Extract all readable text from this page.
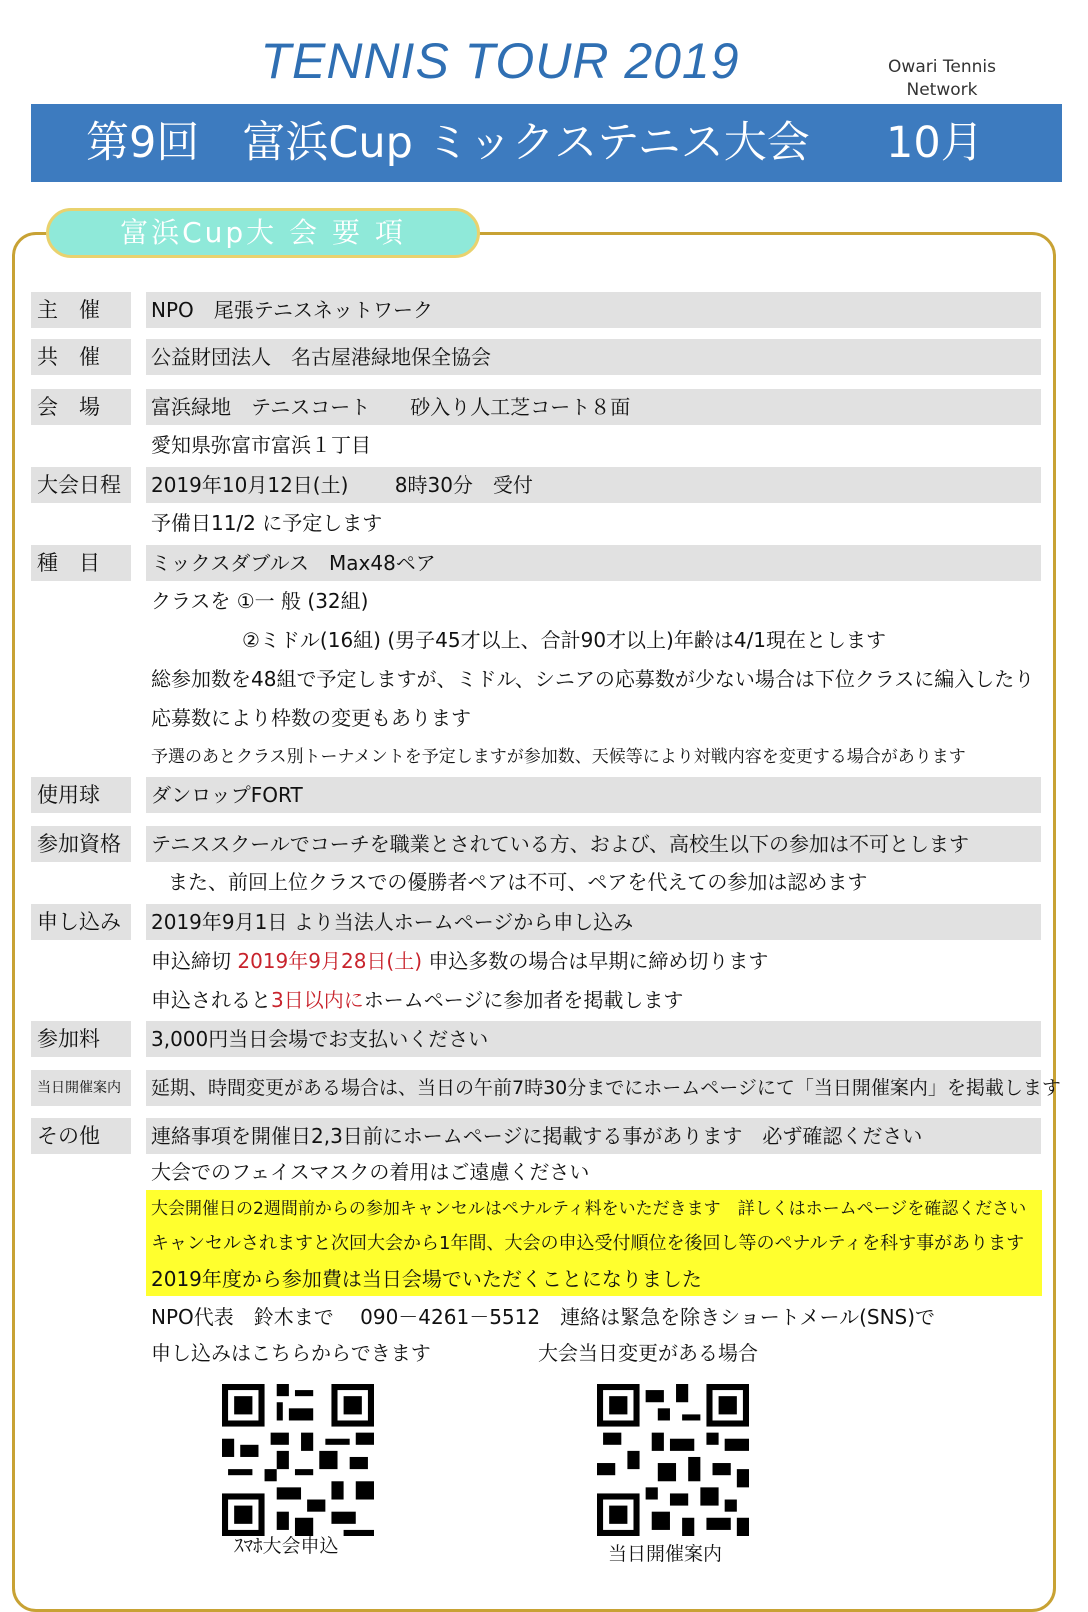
TENNIS TOUR 2019	Owari Tennis
Network
第9回　富浜Cup ミックステニス大会 10月
富浜Cup大 会 要 項
主　催	NPO　尾張テニスネットワーク
共　催	公益財団法人　名古屋港緑地保全協会
会　場	富浜緑地　テニスコート　　砂入り人工芝コート８面
愛知県弥富市富浜１丁目
大会日程	2019年10月12日(土)　　 8時30分　受付
予備日11/2 に予定します
種　目	ミックスダブルス　Max48ペア
クラスを ①一 般 (32組)
②ミドル(16組) (男子45才以上、合計90才以上)年齢は4/1現在とします
総参加数を48組で予定しますが、ミドル、シニアの応募数が少ない場合は下位クラスに編入したり
応募数により枠数の変更もあります
予選のあとクラス別トーナメントを予定しますが参加数、天候等により対戦内容を変更する場合があります
使用球	ダンロップFORT
参加資格	テニススクールでコーチを職業とされている方、および、高校生以下の参加は不可とします
また、前回上位クラスでの優勝者ペアは不可、ペアを代えての参加は認めます
申し込み	2019年9月1日 より当法人ホームページから申し込み
申込締切 2019年9月28日(土) 申込多数の場合は早期に締め切ります
申込されると3日以内にホームページに参加者を掲載します
参加料	3,000円当日会場でお支払いください
当日開催案内	延期、時間変更がある場合は、当日の午前7時30分までにホームページにて「当日開催案内」を掲載します
その他	連絡事項を開催日2,3日前にホームページに掲載する事があります　必ず確認ください
大会でのフェイスマスクの着用はご遠慮ください
大会開催日の2週間前からの参加キャンセルはペナルティ料をいただきます　詳しくはホームページを確認ください
キャンセルされますと次回大会から1年間、大会の申込受付順位を後回し等のペナルティを科す事があります
2019年度から参加費は当日会場でいただくことになりました
NPO代表　鈴木まで　 090－4261－5512　連絡は緊急を除きショートメール(SNS)で
申し込みはこちらからできます	大会当日変更がある場合
ｽﾏﾎ大会申込	当日開催案内
